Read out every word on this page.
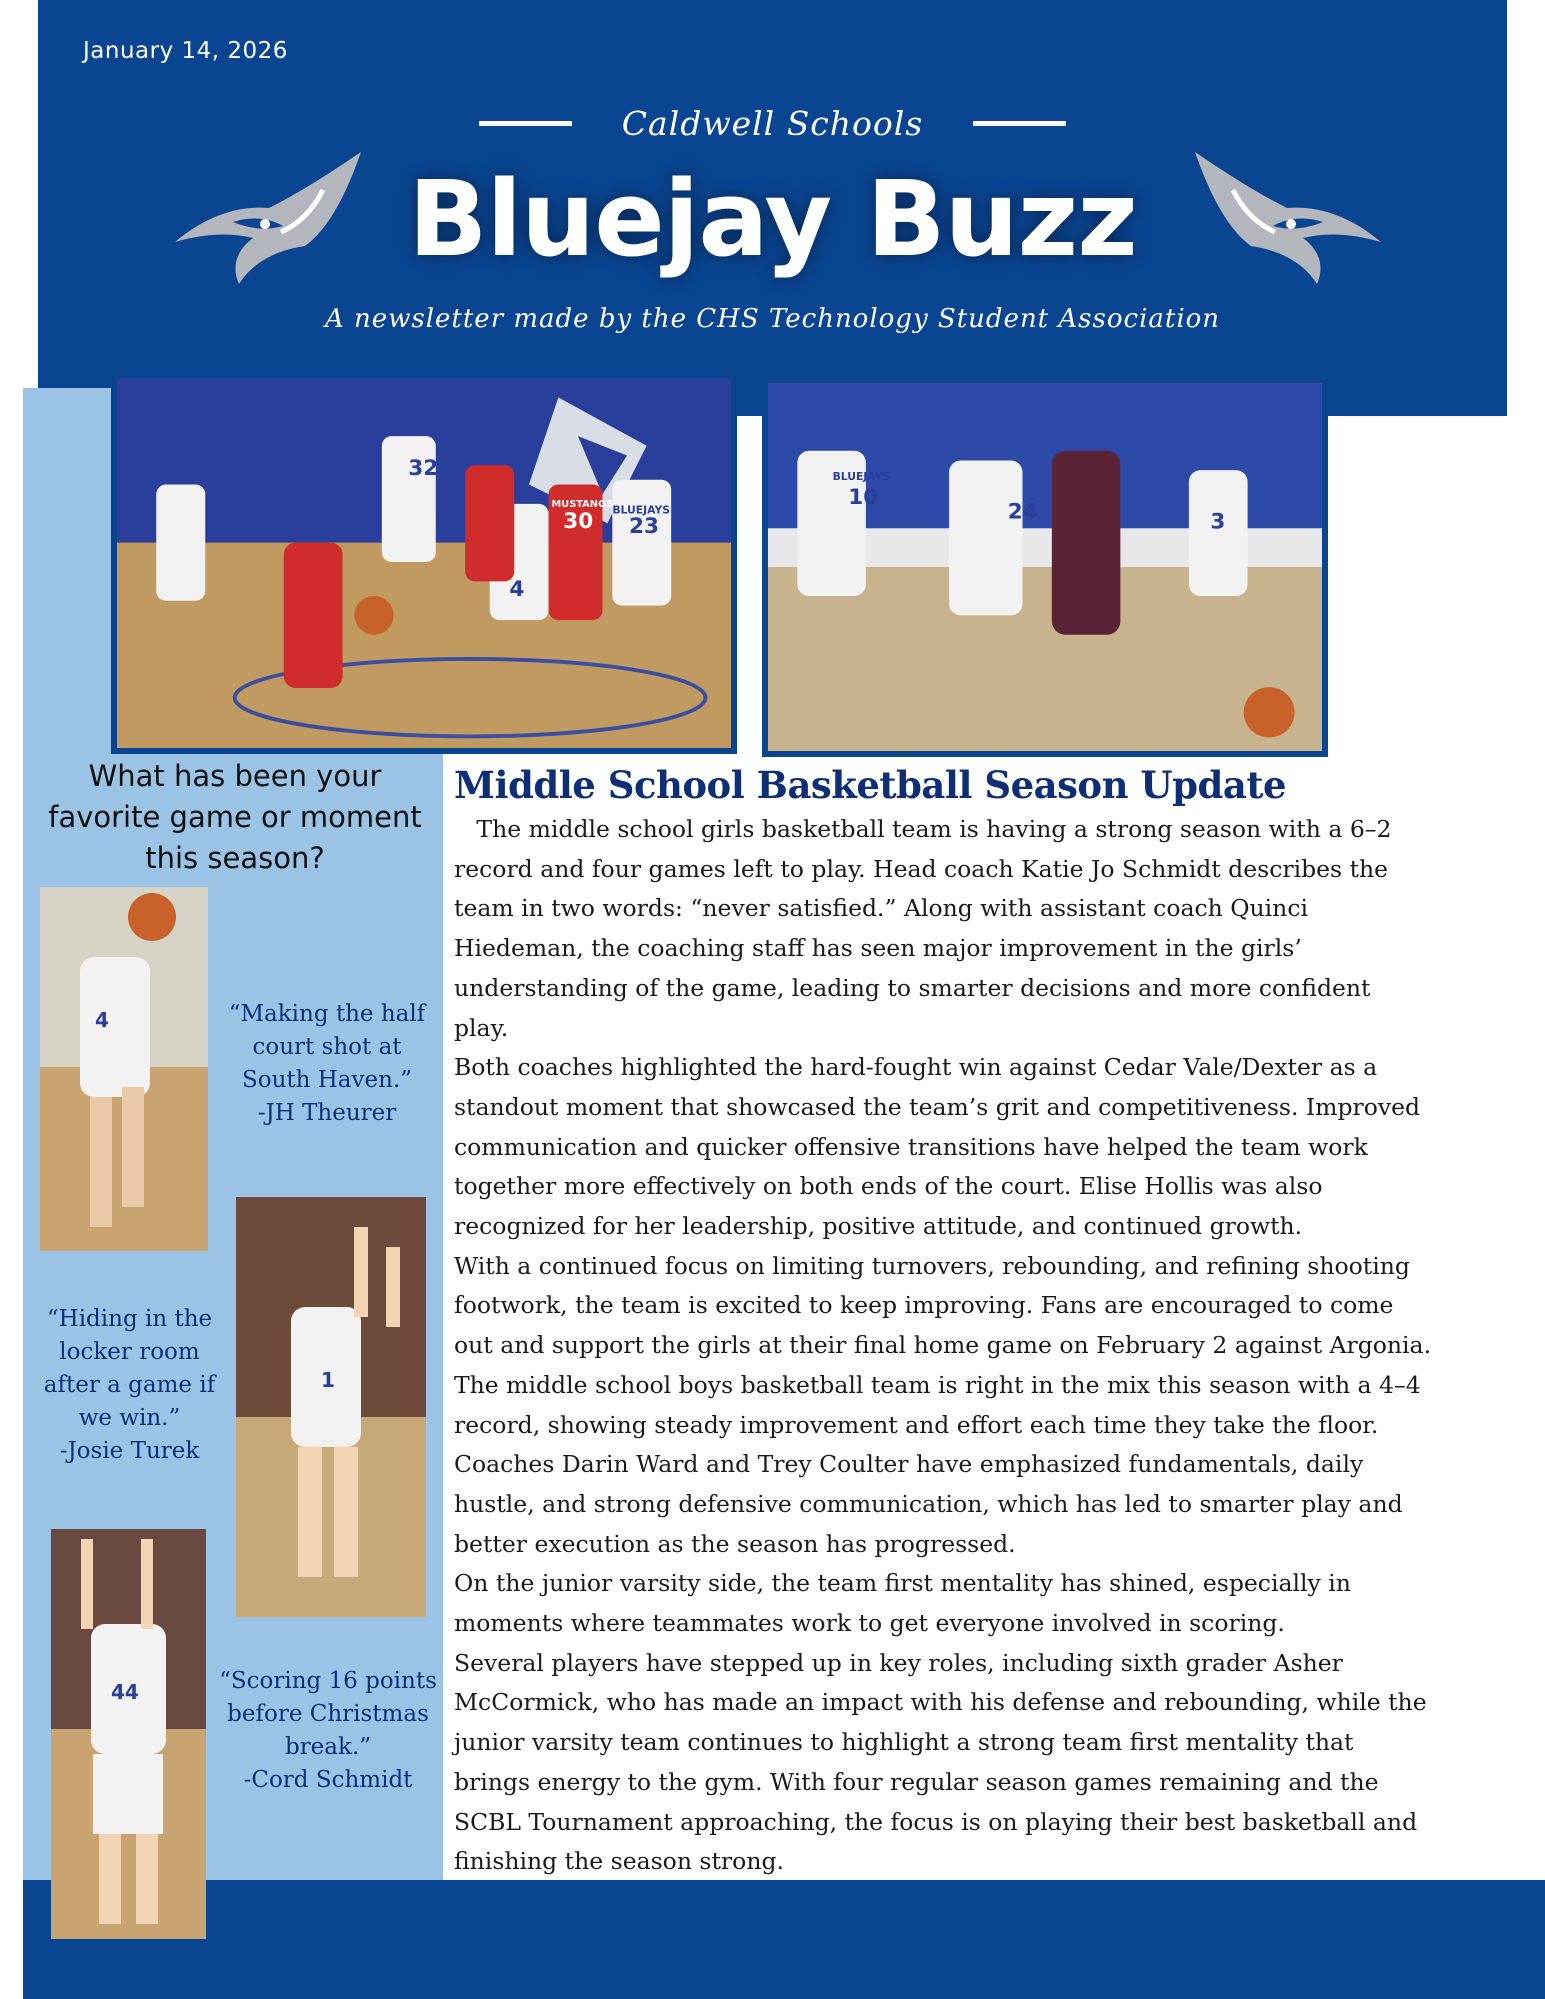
January 14, 2026
Caldwell Schools
Bluejay Buzz
A newsletter made by the CHS Technology Student Association
32
30 23
4
BLUEJAYS
MUSTANGS	10
24	3
BLUEJAYS
What has been your
favorite game or moment
this season?
4
1
44
“Making the half
court shot at
South Haven.”
-JH Theurer
“Hiding in the
locker room
after a game if
we win.”
-Josie Turek
“Scoring 16 points
before Christmas
break.”
-Cord Schmidt
Middle School Basketball Season Update

The middle school girls basketball team is having a strong season with a 6–2

record and four games left to play. Head coach Katie Jo Schmidt describes the

team in two words: “never satisfied.” Along with assistant coach Quinci

Hiedeman, the coaching staff has seen major improvement in the girls’

understanding of the game, leading to smarter decisions and more confident

play.

Both coaches highlighted the hard-fought win against Cedar Vale/Dexter as a

standout moment that showcased the team’s grit and competitiveness. Improved

communication and quicker offensive transitions have helped the team work

together more effectively on both ends of the court. Elise Hollis was also

recognized for her leadership, positive attitude, and continued growth.

With a continued focus on limiting turnovers, rebounding, and refining shooting

footwork, the team is excited to keep improving. Fans are encouraged to come

out and support the girls at their final home game on February 2 against Argonia.

The middle school boys basketball team is right in the mix this season with a 4–4

record, showing steady improvement and effort each time they take the floor.

Coaches Darin Ward and Trey Coulter have emphasized fundamentals, daily

hustle, and strong defensive communication, which has led to smarter play and

better execution as the season has progressed.

On the junior varsity side, the team first mentality has shined, especially in

moments where teammates work to get everyone involved in scoring.

Several players have stepped up in key roles, including sixth grader Asher

McCormick, who has made an impact with his defense and rebounding, while the

junior varsity team continues to highlight a strong team first mentality that

brings energy to the gym. With four regular season games remaining and the

SCBL Tournament approaching, the focus is on playing their best basketball and

finishing the season strong.
